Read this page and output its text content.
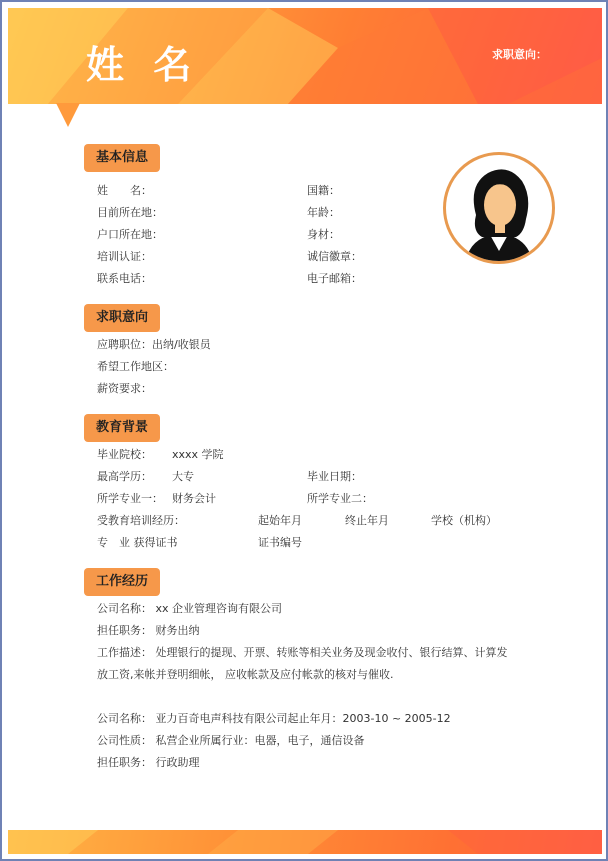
姓 名	求职意向：
基本信息
姓　　名：	国籍：
目前所在地：	年龄：
户口所在地：	身材：
培训认证：	诚信徽章：
联系电话：	电子邮箱：
求职意向
应聘职位：出纳/收银员
希望工作地区：
薪资要求：
教育背景
毕业院校： xxxx 学院
最高学历： 大专	毕业日期：
所学专业一： 财务会计	所学专业二：
受教育培训经历：	起始年月	终止年月	学校（机构）
专　业 获得证书	证书编号
工作经历
公司名称： xx 企业管理咨询有限公司
担任职务： 财务出纳
工作描述： 处理银行的提现、开票、转账等相关业务及现金收付、银行结算、计算发
放工资,来帐并登明细帐， 应收帐款及应付帐款的核对与催收.
公司名称： 亚力百奇电声科技有限公司起止年月：2003-10 ~ 2005-12
公司性质： 私营企业所属行业：电器，电子，通信设备
担任职务： 行政助理
